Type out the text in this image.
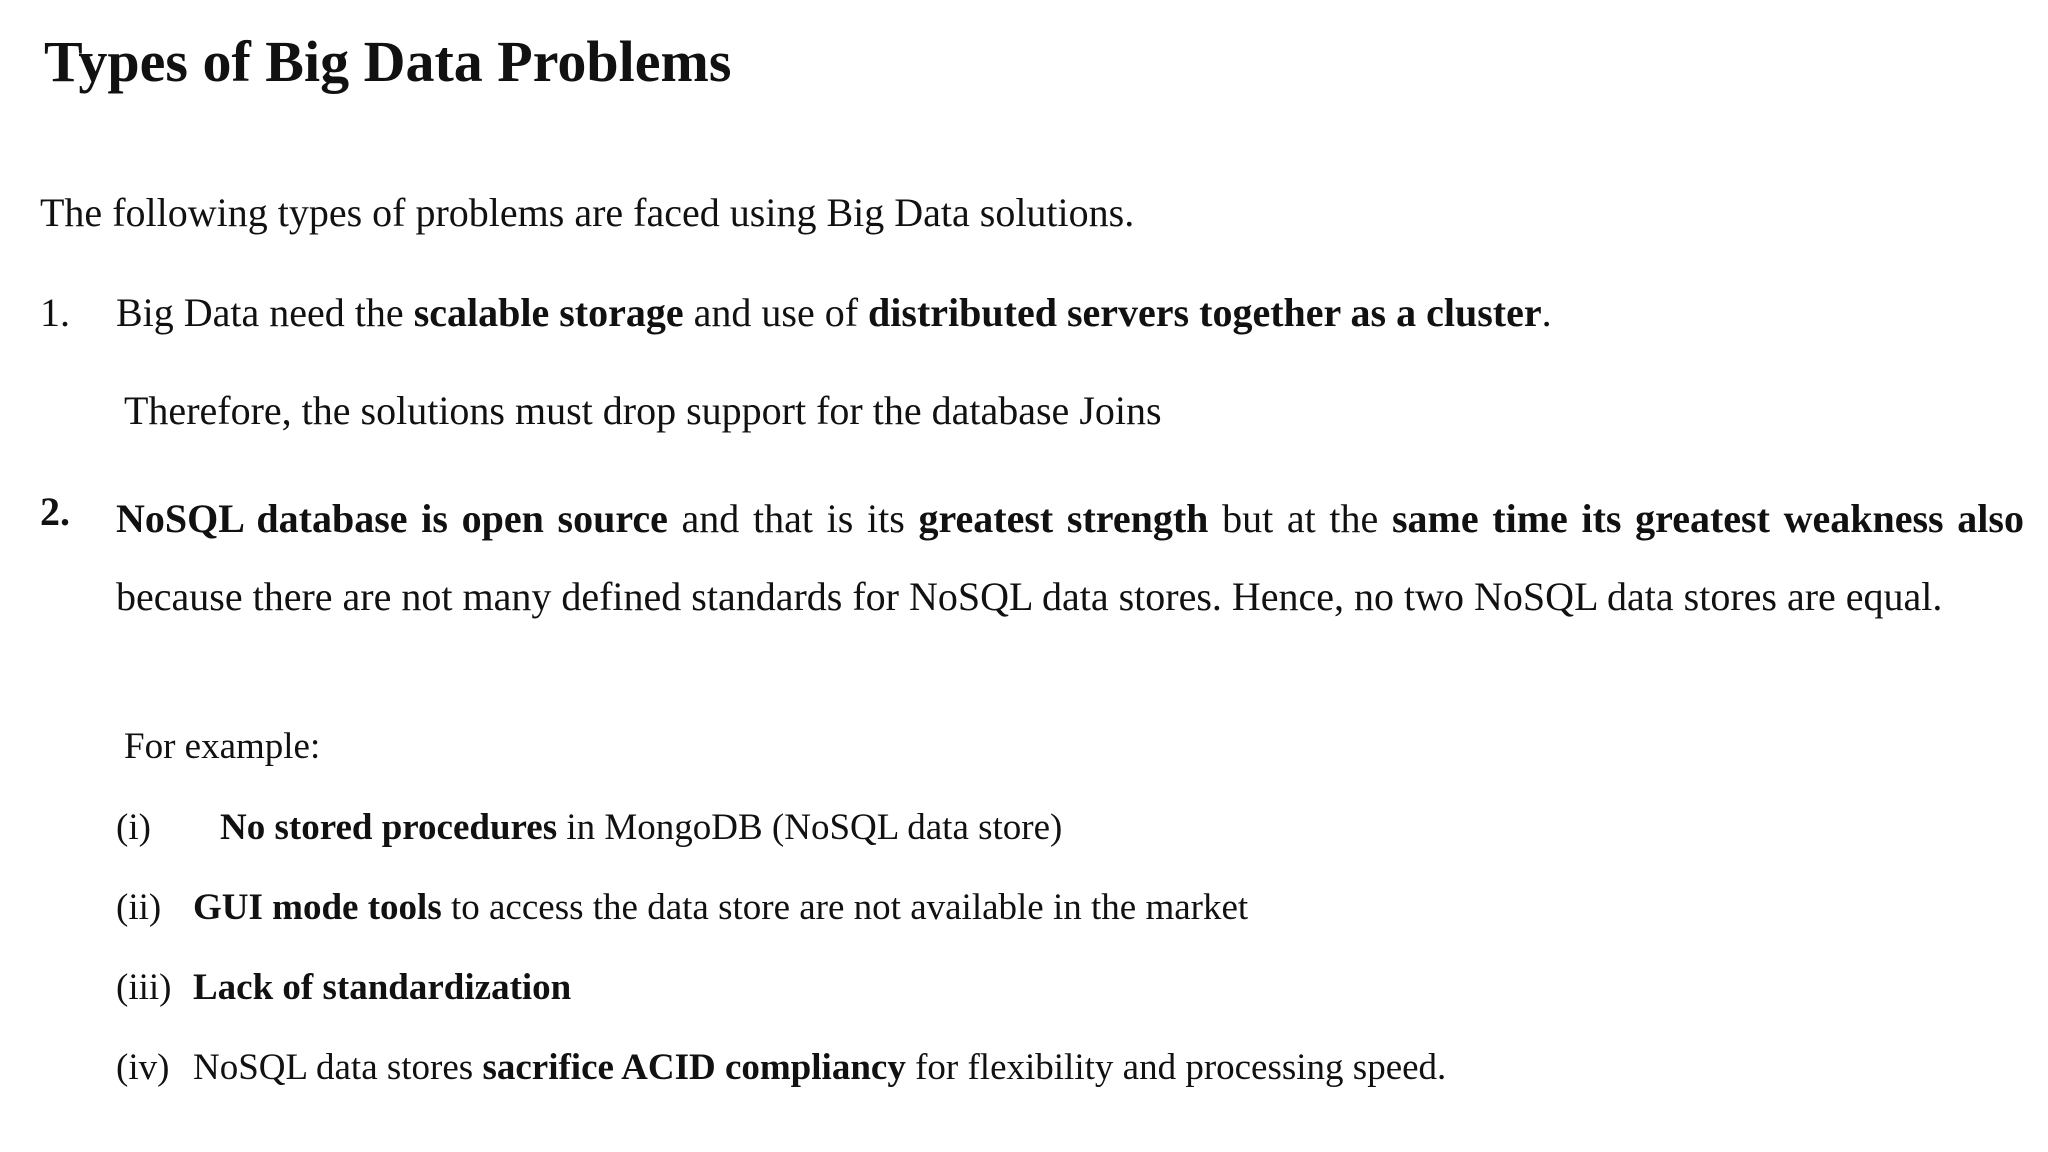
Types of Big Data Problems
The following types of problems are faced using Big Data solutions.
1. Big Data need the scalable storage and use of distributed servers together as a cluster.
Therefore, the solutions must drop support for the database Joins
2. NoSQL database is open source and that is its greatest strength but at the same time its greatest weakness also because there are not many defined standards for NoSQL data stores. Hence, no two NoSQL data stores are equal.
For example:
(i) No stored procedures in MongoDB (NoSQL data store)
(ii) GUI mode tools to access the data store are not available in the market
(iii) Lack of standardization
(iv) NoSQL data stores sacrifice ACID compliancy for flexibility and processing speed.
